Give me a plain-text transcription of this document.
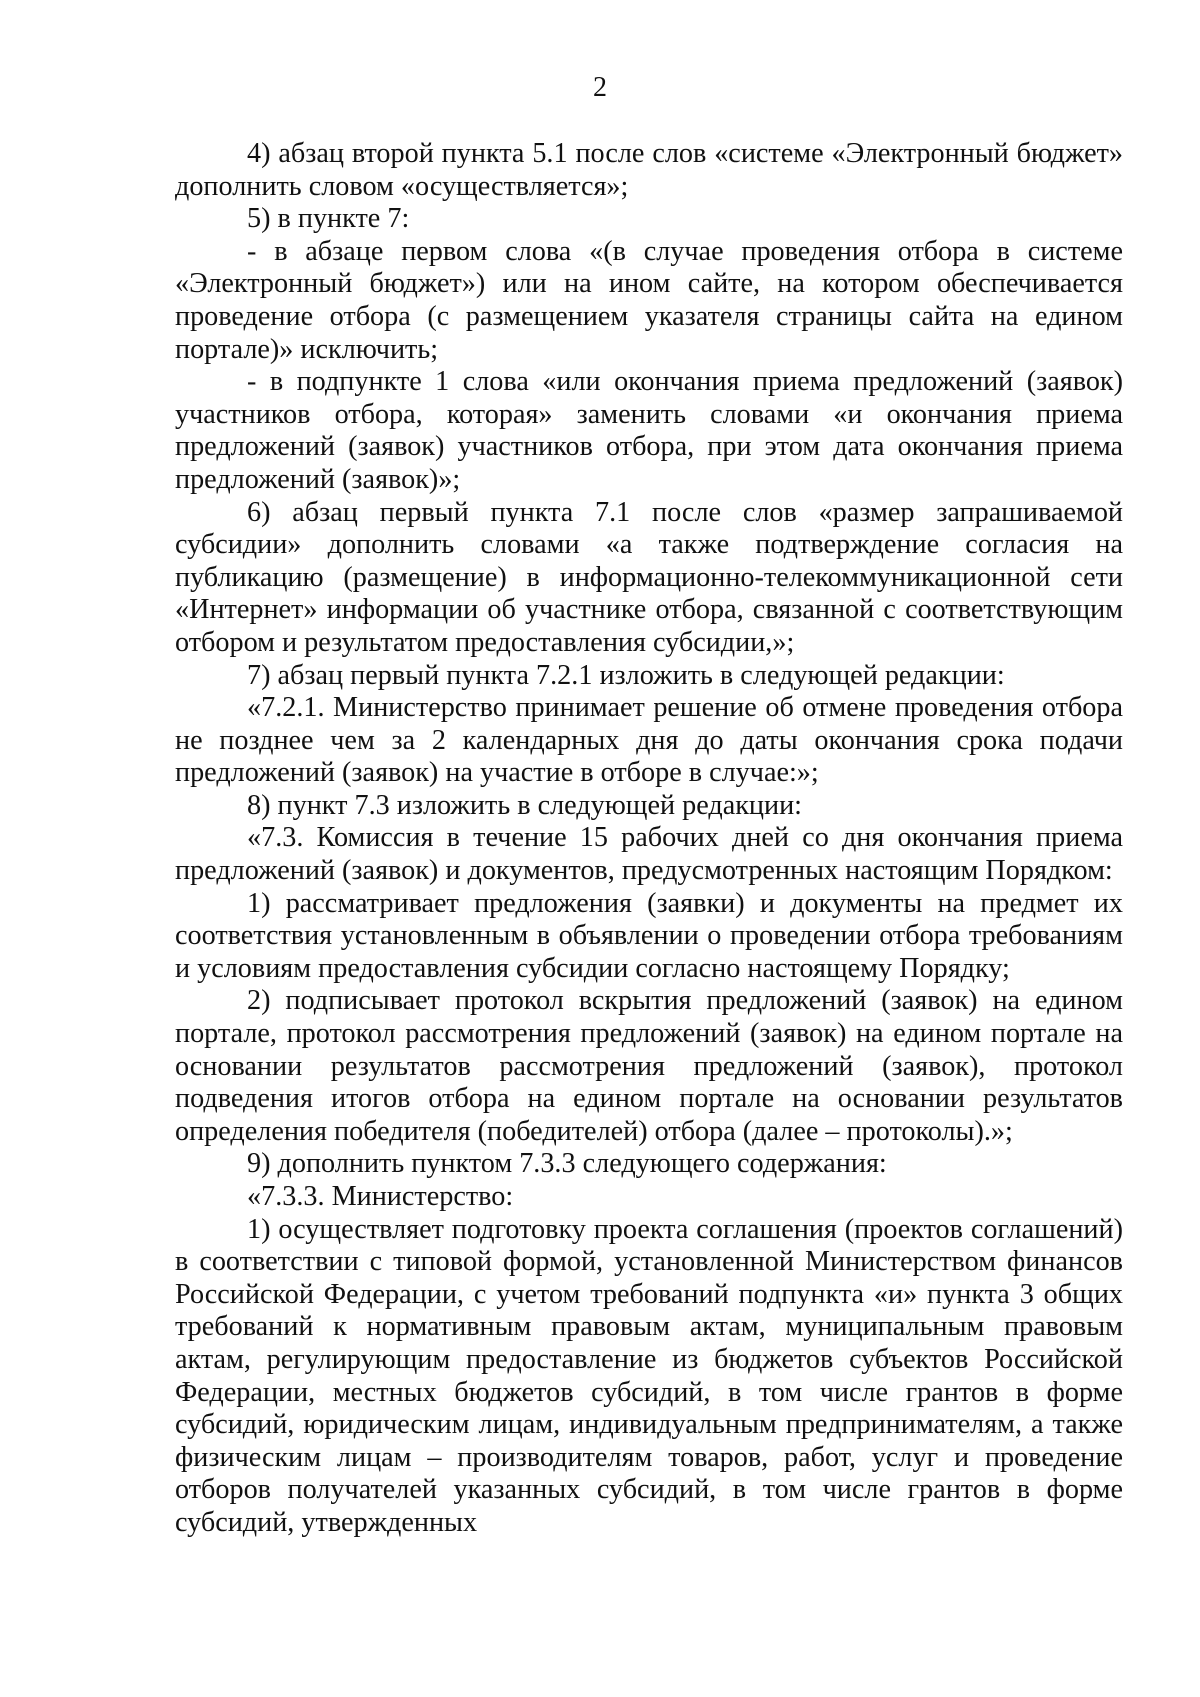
2

4) абзац второй пункта 5.1 после слов «системе «Электронный бюджет» дополнить словом «осуществляется»;

5) в пункте 7:

- в абзаце первом слова «(в случае проведения отбора в системе «Электронный бюджет») или на ином сайте, на котором обеспечивается проведение отбора (с размещением указателя страницы сайта на едином портале)» исключить;

- в подпункте 1 слова «или окончания приема предложений (заявок) участников отбора, которая» заменить словами «и окончания приема предложений (заявок) участников отбора, при этом дата окончания приема предложений (заявок)»;

6) абзац первый пункта 7.1 после слов «размер запрашиваемой субсидии» дополнить словами «а также подтверждение согласия на публикацию (размещение) в информационно-телекоммуникационной сети «Интернет» информации об участнике отбора, связанной с соответствующим отбором и результатом предоставления субсидии,»;

7) абзац первый пункта 7.2.1 изложить в следующей редакции:

«7.2.1. Министерство принимает решение об отмене проведения отбора не позднее чем за 2 календарных дня до даты окончания срока подачи предложений (заявок) на участие в отборе в случае:»;

8) пункт 7.3 изложить в следующей редакции:

«7.3. Комиссия в течение 15 рабочих дней со дня окончания приема предложений (заявок) и документов, предусмотренных настоящим Порядком:

1) рассматривает предложения (заявки) и документы на предмет их соответствия установленным в объявлении о проведении отбора требованиям и условиям предоставления субсидии согласно настоящему Порядку;

2) подписывает протокол вскрытия предложений (заявок) на едином портале, протокол рассмотрения предложений (заявок) на едином портале на основании результатов рассмотрения предложений (заявок), протокол подведения итогов отбора на едином портале на основании результатов определения победителя (победителей) отбора (далее – протоколы).»;

9) дополнить пунктом 7.3.3 следующего содержания:

«7.3.3. Министерство:

1) осуществляет подготовку проекта соглашения (проектов соглашений) в соответствии с типовой формой, установленной Министерством финансов Российской Федерации, с учетом требований подпункта «и» пункта 3 общих требований к нормативным правовым актам, муниципальным правовым актам, регулирующим предоставление из бюджетов субъектов Российской Федерации, местных бюджетов субсидий, в том числе грантов в форме субсидий, юридическим лицам, индивидуальным предпринимателям, а также физическим лицам – производителям товаров, работ, услуг и проведение отборов получателей указанных субсидий, в том числе грантов в форме субсидий, утвержденных
